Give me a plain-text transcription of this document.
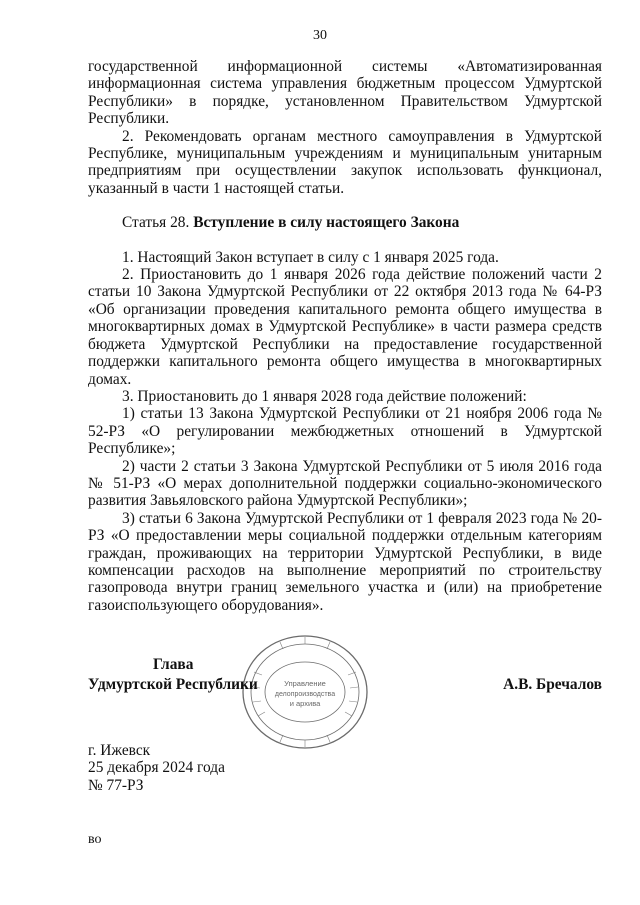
30

государственной информационной системы «Автоматизированная информационная система управления бюджетным процессом Удмуртской Республики» в порядке, установленном Правительством Удмуртской Республики.

2. Рекомендовать органам местного самоуправления в Удмуртской Республике, муниципальным учреждениям и муниципальным унитарным предприятиям при осуществлении закупок использовать функционал, указанный в части 1 настоящей статьи.

Статья 28. Вступление в силу настоящего Закона

1. Настоящий Закон вступает в силу с 1 января 2025 года.

2. Приостановить до 1 января 2026 года действие положений части 2 статьи 10 Закона Удмуртской Республики от 22 октября 2013 года № 64-РЗ «Об организации проведения капитального ремонта общего имущества в многоквартирных домах в Удмуртской Республике» в части размера средств бюджета Удмуртской Республики на предоставление государственной поддержки капитального ремонта общего имущества в многоквартирных домах.

3. Приостановить до 1 января 2028 года действие положений:

1) статьи 13 Закона Удмуртской Республики от 21 ноября 2006 года № 52-РЗ «О регулировании межбюджетных отношений в Удмуртской Республике»;

2) части 2 статьи 3 Закона Удмуртской Республики от 5 июля 2016 года № 51-РЗ «О мерах дополнительной поддержки социально-экономического развития Завьяловского района Удмуртской Республики»;

3) статьи 6 Закона Удмуртской Республики от 1 февраля 2023 года № 20-РЗ «О предоставлении меры социальной поддержки отдельным категориям граждан, проживающих на территории Удмуртской Республики, в виде компенсации расходов на выполнение мероприятий по строительству газопровода внутри границ земельного участка и (или) на приобретение газоиспользующего оборудования».

Управление
делопроизводства
и архива
Глава
Удмуртской Республики	А.В. Бречалов
г. Ижевск
25 декабря 2024 года
№ 77-РЗ
во
